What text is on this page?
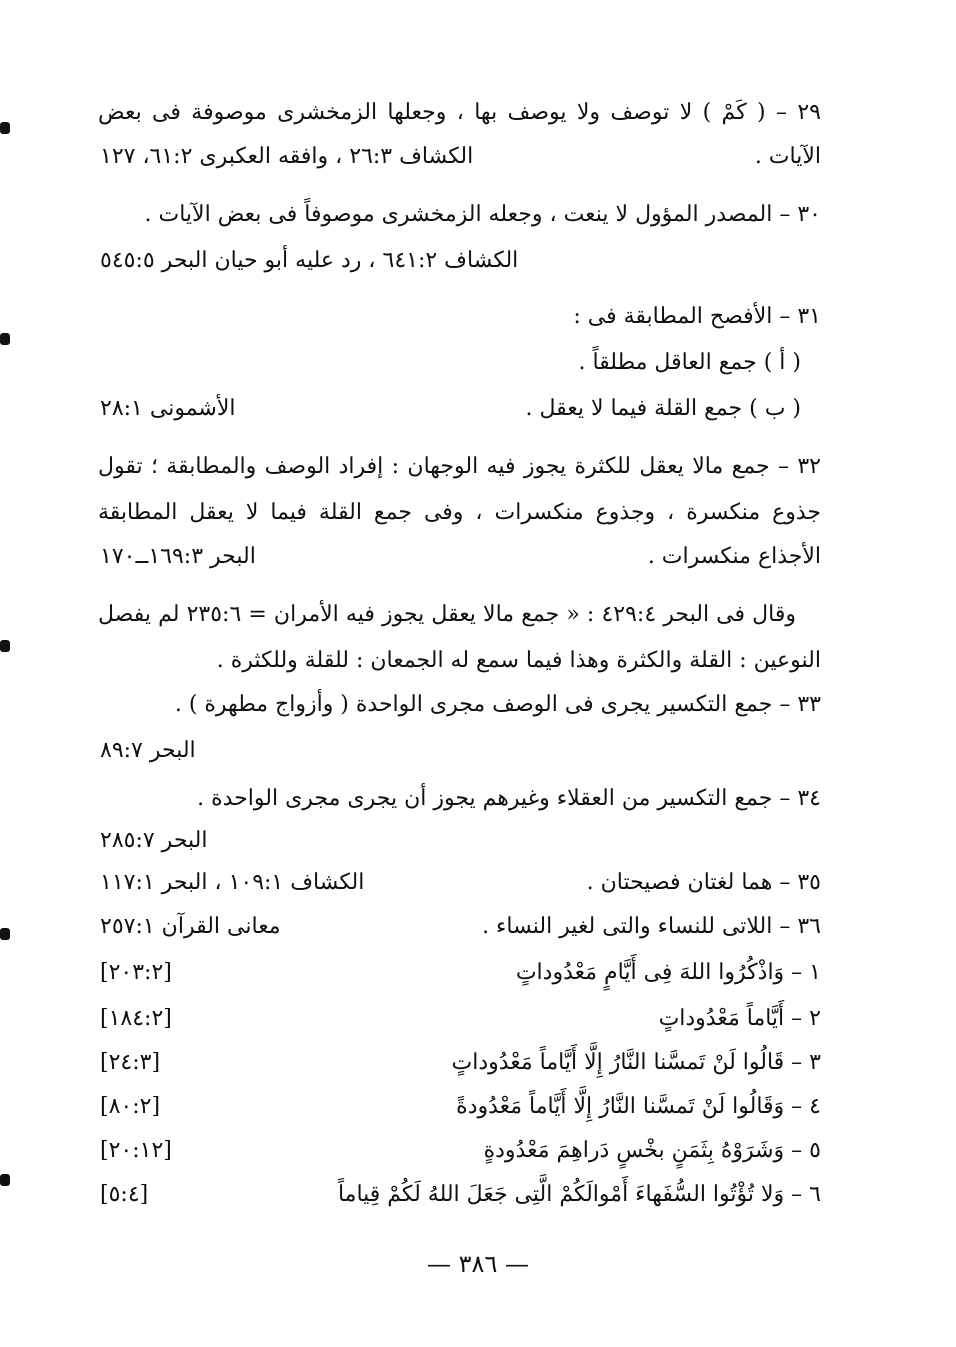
٢٩ – ( كَمْ ) لا توصف ولا يوصف بها ، وجعلها الزمخشرى موصوفة فى بعض
الآيات .
الكشاف ٢٦:٣ ، وافقه العكبرى ٦١:٢، ١٢٧
٣٠ – المصدر المؤول لا ينعت ، وجعله الزمخشرى موصوفاً فى بعض الآيات .
الكشاف ٦٤١:٢ ، رد عليه أبو حيان البحر ٥٤٥:٥
٣١ – الأفصح المطابقة فى :
( أ ) جمع العاقل مطلقاً .
( ب ) جمع القلة فيما لا يعقل .
الأشمونى ٢٨:١
٣٢ – جمع مالا يعقل للكثرة يجوز فيه الوجهان : إفراد الوصف والمطابقة ؛ تقول
جذوع منكسرة ، وجذوع منكسرات ، وفى جمع القلة فيما لا يعقل المطابقة
الأجذاع منكسرات .
البحر ١٦٩:٣ــ١٧٠
وقال فى البحر ٤٢٩:٤ : « جمع مالا يعقل يجوز فيه الأمران = ٢٣٥:٦ لم يفصل
النوعين : القلة والكثرة وهذا فيما سمع له الجمعان : للقلة وللكثرة .
٣٣ – جمع التكسير يجرى فى الوصف مجرى الواحدة ( وأزواج مطهرة ) .
البحر ٨٩:٧
٣٤ – جمع التكسير من العقلاء وغيرهم يجوز أن يجرى مجرى الواحدة .
البحر ٢٨٥:٧
٣٥ – هما لغتان فصيحتان .
الكشاف ١٠٩:١ ، البحر ١١٧:١
٣٦ – اللاتى للنساء والتى لغير النساء .
معانى القرآن ٢٥٧:١
١ – وَاذْكُرُوا اللهَ فِى أَيَّامٍ مَعْدُوداتٍ
[٢٠٣:٢]
٢ – أَيَّاماً مَعْدُوداتٍ
[١٨٤:٢]
٣ – قَالُوا لَنْ تَمسَّنا النَّارُ إِلَّا أَيَّاماً مَعْدُوداتٍ
[٢٤:٣]
٤ – وَقَالُوا لَنْ تَمسَّنا النَّارُ إِلَّا أَيَّاماً مَعْدُودةً
[٨٠:٢]
٥ – وَشَرَوْهُ بِثَمَنٍ بخْسٍ دَراهِمَ مَعْدُودةٍ
[٢٠:١٢]
٦ – وَلا تُؤْتُوا السُّفَهاءَ أَمْوالَكُمْ الَّتِى جَعَلَ اللهُ لَكُمْ قِياماً
[٥:٤]
— ٣٨٦ —
